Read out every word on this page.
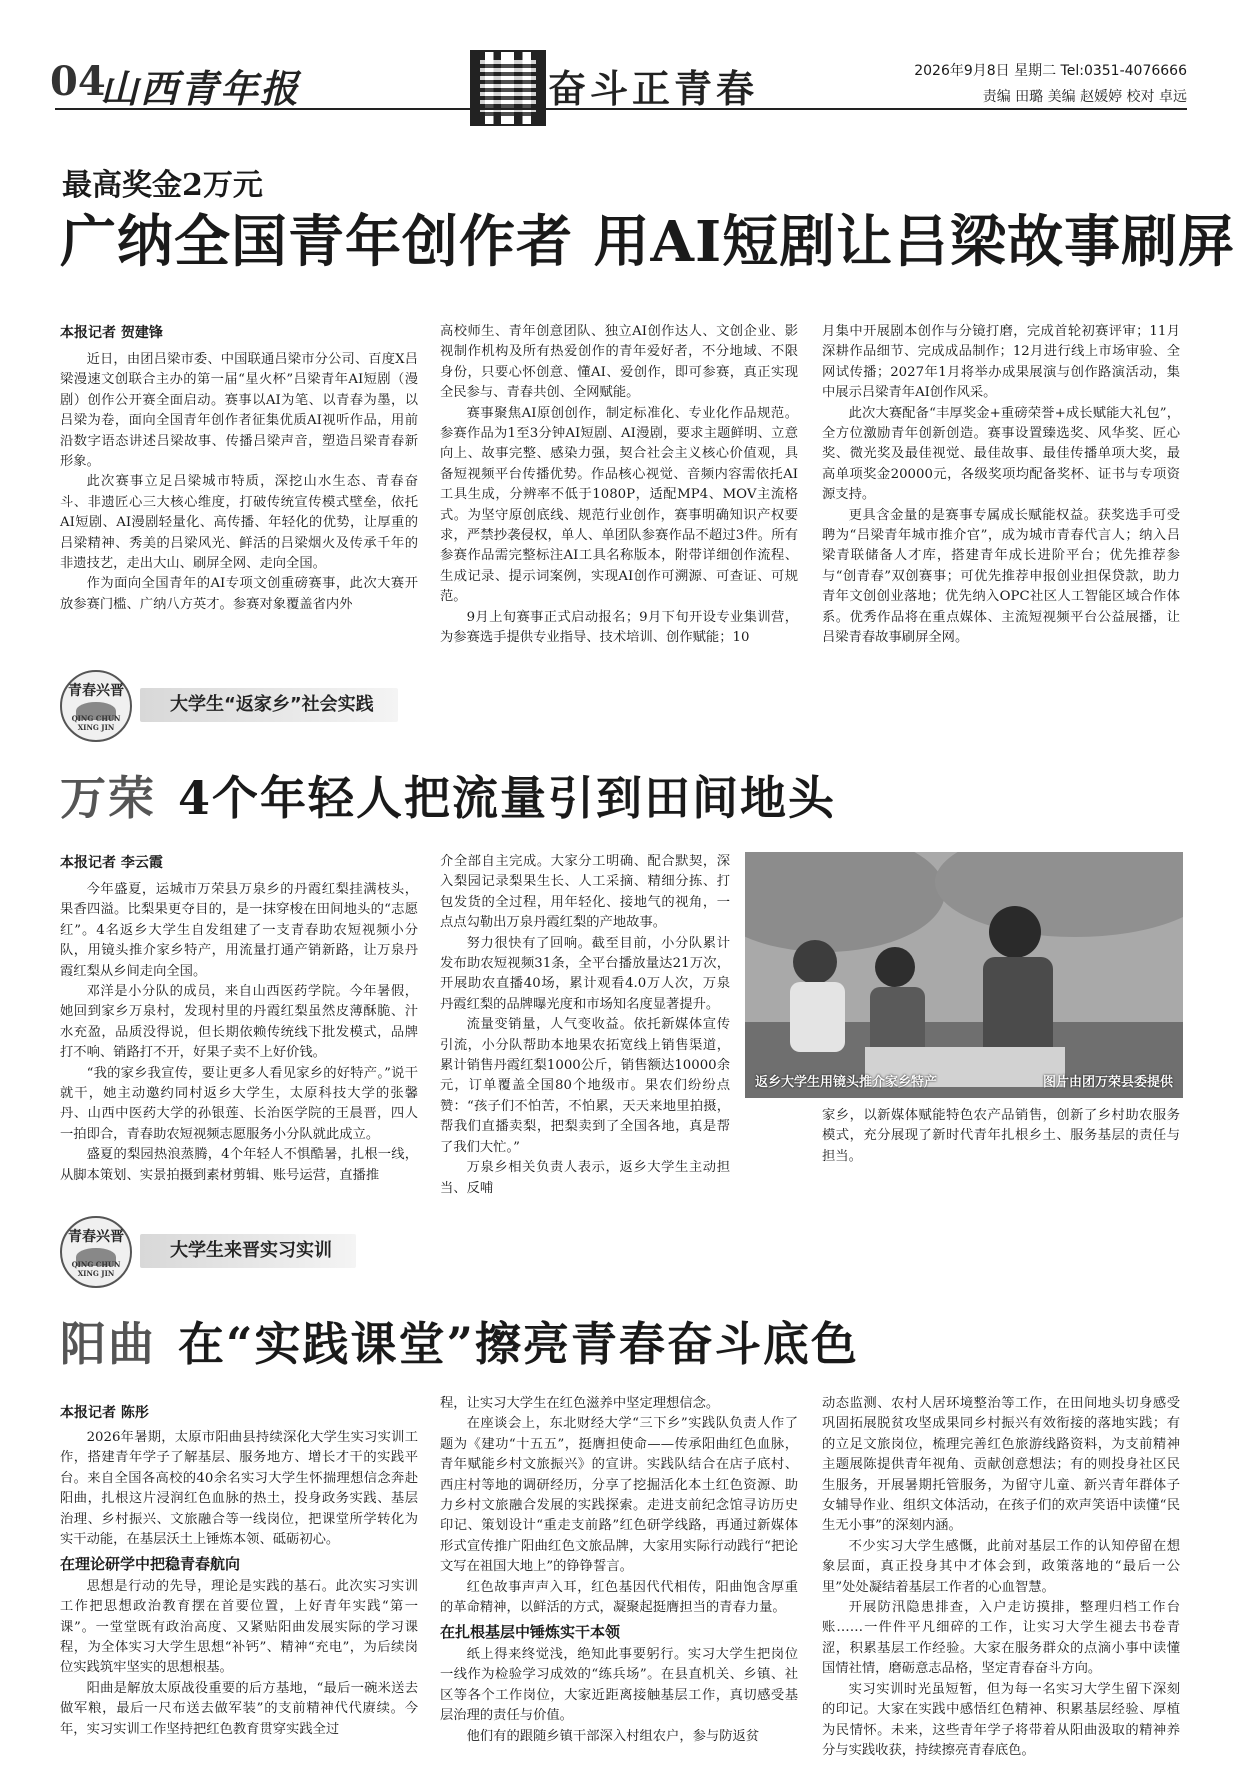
04
山西青年报	奋斗正青春	2026年9月8日 星期二 Tel:0351-4076666
责编 田璐 美编 赵媛婷 校对 卓远
最高奖金2万元
广纳全国青年创作者 用AI短剧让吕梁故事刷屏
本报记者 贺建锋

近日，由团吕梁市委、中国联通吕梁市分公司、百度X吕梁漫速文创联合主办的第一届“星火杯”吕梁青年AI短剧（漫剧）创作公开赛全面启动。赛事以AI为笔、以青春为墨，以吕梁为卷，面向全国青年创作者征集优质AI视听作品，用前沿数字语态讲述吕梁故事、传播吕梁声音，塑造吕梁青春新形象。

此次赛事立足吕梁城市特质，深挖山水生态、青春奋斗、非遗匠心三大核心维度，打破传统宣传模式壁垒，依托AI短剧、AI漫剧轻量化、高传播、年轻化的优势，让厚重的吕梁精神、秀美的吕梁风光、鲜活的吕梁烟火及传承千年的非遗技艺，走出大山、刷屏全网、走向全国。

作为面向全国青年的AI专项文创重磅赛事，此次大赛开放参赛门槛、广纳八方英才。参赛对象覆盖省内外

高校师生、青年创意团队、独立AI创作达人、文创企业、影视制作机构及所有热爱创作的青年爱好者，不分地域、不限身份，只要心怀创意、懂AI、爱创作，即可参赛，真正实现全民参与、青春共创、全网赋能。

赛事聚焦AI原创创作，制定标准化、专业化作品规范。参赛作品为1至3分钟AI短剧、AI漫剧，要求主题鲜明、立意向上、故事完整、感染力强，契合社会主义核心价值观，具备短视频平台传播优势。作品核心视觉、音频内容需依托AI工具生成，分辨率不低于1080P，适配MP4、MOV主流格式。为坚守原创底线、规范行业创作，赛事明确知识产权要求，严禁抄袭侵权，单人、单团队参赛作品不超过3件。所有参赛作品需完整标注AI工具名称版本，附带详细创作流程、生成记录、提示词案例，实现AI创作可溯源、可查证、可规范。

9月上旬赛事正式启动报名；9月下旬开设专业集训营，为参赛选手提供专业指导、技术培训、创作赋能；10

月集中开展剧本创作与分镜打磨，完成首轮初赛评审；11月深耕作品细节、完成成品制作；12月进行线上市场审验、全网试传播；2027年1月将举办成果展演与创作路演活动，集中展示吕梁青年AI创作风采。

此次大赛配备“丰厚奖金+重磅荣誉+成长赋能大礼包”，全方位激励青年创新创造。赛事设置臻选奖、风华奖、匠心奖、微光奖及最佳视觉、最佳故事、最佳传播单项大奖，最高单项奖金20000元，各级奖项均配备奖杯、证书与专项资源支持。

更具含金量的是赛事专属成长赋能权益。获奖选手可受聘为“吕梁青年城市推介官”，成为城市青春代言人；纳入吕梁青联储备人才库，搭建青年成长进阶平台；优先推荐参与“创青春”双创赛事；可优先推荐申报创业担保贷款，助力青年文创创业落地；优先纳入OPC社区人工智能区域合作体系。优秀作品将在重点媒体、主流短视频平台公益展播，让吕梁青春故事刷屏全网。

大学生“返家乡”社会实践
青春兴晋
QING CHUN XING JIN
万荣 4个年轻人把流量引到田间地头
本报记者 李云霞

今年盛夏，运城市万荣县万泉乡的丹霞红梨挂满枝头，果香四溢。比梨果更夺目的，是一抹穿梭在田间地头的“志愿红”。4名返乡大学生自发组建了一支青春助农短视频小分队，用镜头推介家乡特产，用流量打通产销新路，让万泉丹霞红梨从乡间走向全国。

邓洋是小分队的成员，来自山西医药学院。今年暑假，她回到家乡万泉村，发现村里的丹霞红梨虽然皮薄酥脆、汁水充盈，品质没得说，但长期依赖传统线下批发模式，品牌打不响、销路打不开，好果子卖不上好价钱。

“我的家乡我宣传，要让更多人看见家乡的好特产。”说干就干，她主动邀约同村返乡大学生，太原科技大学的张馨丹、山西中医药大学的孙银莲、长治医学院的王晨晋，四人一拍即合，青春助农短视频志愿服务小分队就此成立。

盛夏的梨园热浪蒸腾，4个年轻人不惧酷暑，扎根一线，从脚本策划、实景拍摄到素材剪辑、账号运营，直播推

介全部自主完成。大家分工明确、配合默契，深入梨园记录梨果生长、人工采摘、精细分拣、打包发货的全过程，用年轻化、接地气的视角，一点点勾勒出万泉丹霞红梨的产地故事。

努力很快有了回响。截至目前，小分队累计发布助农短视频31条，全平台播放量达21万次，开展助农直播40场，累计观看4.0万人次，万泉丹霞红梨的品牌曝光度和市场知名度显著提升。

流量变销量，人气变收益。依托新媒体宣传引流，小分队帮助本地果农拓宽线上销售渠道，累计销售丹霞红梨1000公斤，销售额达10000余元，订单覆盖全国80个地级市。果农们纷纷点赞：“孩子们不怕苦，不怕累，天天来地里拍摄，帮我们直播卖梨，把梨卖到了全国各地，真是帮了我们大忙。”

万泉乡相关负责人表示，返乡大学生主动担当、反哺

返乡大学生用镜头推介家乡特产	图片由团万荣县委提供

家乡，以新媒体赋能特色农产品销售，创新了乡村助农服务模式，充分展现了新时代青年扎根乡土、服务基层的责任与担当。

大学生来晋实习实训
青春兴晋
QING CHUN XING JIN
阳曲 在“实践课堂”擦亮青春奋斗底色
本报记者 陈彤

2026年暑期，太原市阳曲县持续深化大学生实习实训工作，搭建青年学子了解基层、服务地方、增长才干的实践平台。来自全国各高校的40余名实习大学生怀揣理想信念奔赴阳曲，扎根这片浸润红色血脉的热土，投身政务实践、基层治理、乡村振兴、文旅融合等一线岗位，把课堂所学转化为实干动能，在基层沃土上锤炼本领、砥砺初心。

在理论研学中把稳青春航向

思想是行动的先导，理论是实践的基石。此次实习实训工作把思想政治教育摆在首要位置，上好青年实践“第一课”。一堂堂既有政治高度、又紧贴阳曲发展实际的学习课程，为全体实习大学生思想“补钙”、精神“充电”，为后续岗位实践筑牢坚实的思想根基。

阳曲是解放太原战役重要的后方基地，“最后一碗米送去做军粮，最后一尺布送去做军装”的支前精神代代赓续。今年，实习实训工作坚持把红色教育贯穿实践全过

程，让实习大学生在红色滋养中坚定理想信念。

在座谈会上，东北财经大学“三下乡”实践队负责人作了题为《建功“十五五”，挺膺担使命——传承阳曲红色血脉，青年赋能乡村文旅振兴》的宣讲。实践队结合在店子底村、西庄村等地的调研经历，分享了挖掘活化本土红色资源、助力乡村文旅融合发展的实践探索。走进支前纪念馆寻访历史印记、策划设计“重走支前路”红色研学线路，再通过新媒体形式宣传推广阳曲红色文旅品牌，大家用实际行动践行“把论文写在祖国大地上”的铮铮誓言。

红色故事声声入耳，红色基因代代相传，阳曲饱含厚重的革命精神，以鲜活的方式，凝聚起挺膺担当的青春力量。

在扎根基层中锤炼实干本领

纸上得来终觉浅，绝知此事要躬行。实习大学生把岗位一线作为检验学习成效的“练兵场”。在县直机关、乡镇、社区等各个工作岗位，大家近距离接触基层工作，真切感受基层治理的责任与价值。

他们有的跟随乡镇干部深入村组农户，参与防返贫

动态监测、农村人居环境整治等工作，在田间地头切身感受巩固拓展脱贫攻坚成果同乡村振兴有效衔接的落地实践；有的立足文旅岗位，梳理完善红色旅游线路资料，为支前精神主题展陈提供青年视角、贡献创意想法；有的则投身社区民生服务，开展暑期托管服务，为留守儿童、新兴青年群体子女辅导作业、组织文体活动，在孩子们的欢声笑语中读懂“民生无小事”的深刻内涵。

不少实习大学生感慨，此前对基层工作的认知停留在想象层面，真正投身其中才体会到，政策落地的“最后一公里”处处凝结着基层工作者的心血智慧。

开展防汛隐患排查，入户走访摸排，整理归档工作台账……一件件平凡细碎的工作，让实习大学生褪去书卷青涩，积累基层工作经验。大家在服务群众的点滴小事中读懂国情社情，磨砺意志品格，坚定青春奋斗方向。

实习实训时光虽短暂，但为每一名实习大学生留下深刻的印记。大家在实践中感悟红色精神、积累基层经验、厚植为民情怀。未来，这些青年学子将带着从阳曲汲取的精神养分与实践收获，持续擦亮青春底色。
